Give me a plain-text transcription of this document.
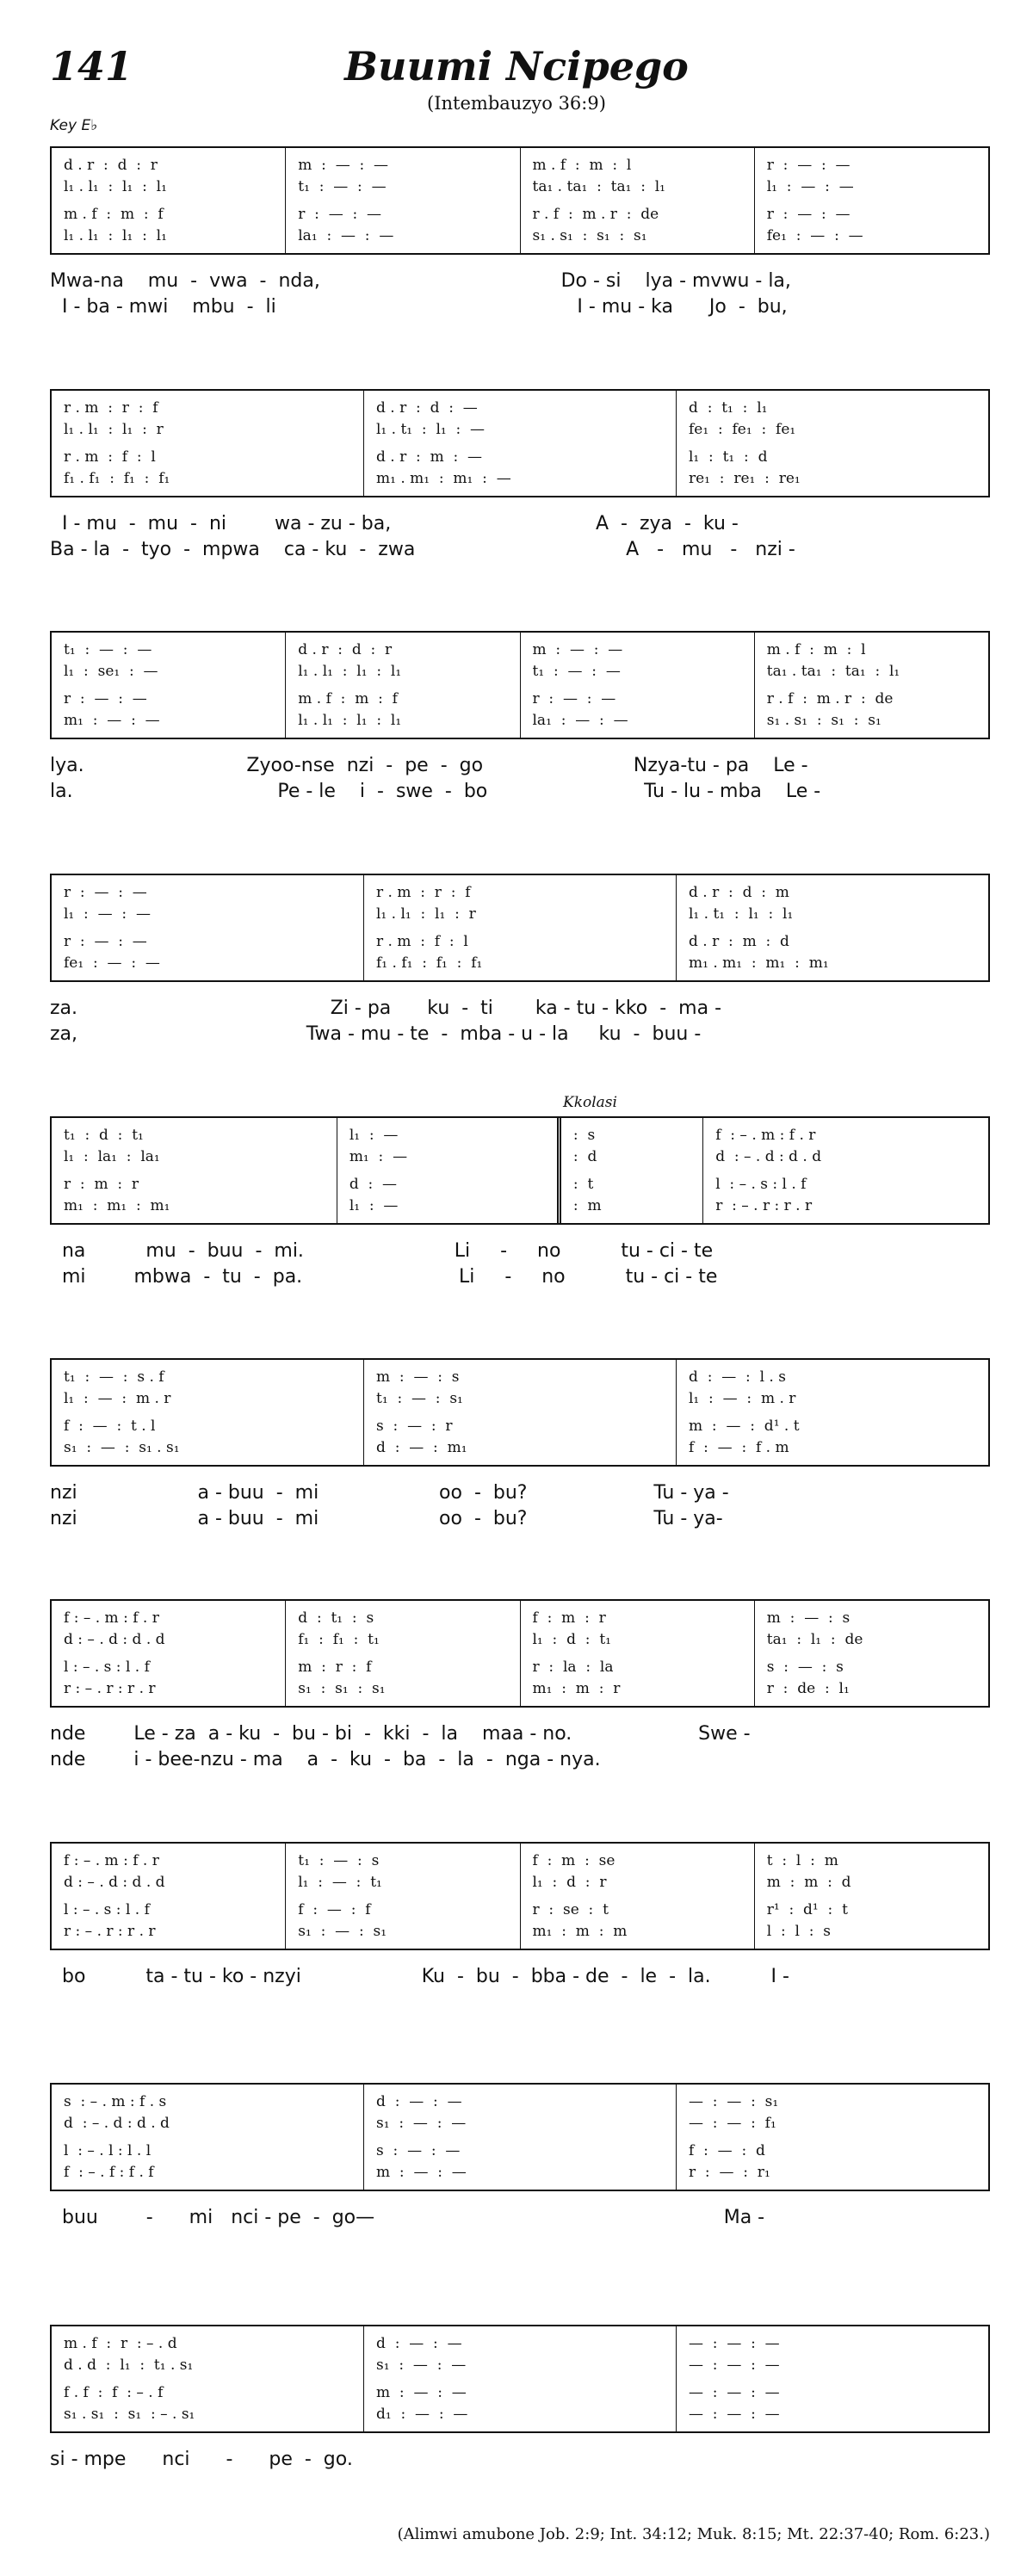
141	Buumi Ncipego
(Intembauzyo 36:9)
Key E♭
d . r  :  d  :  r
l₁ . l₁  :  l₁  :  l₁
m . f  :  m  :  f
l₁ . l₁  :  l₁  :  l₁
m  :  —  :  —
t₁  :  —  :  —
r  :  —  :  —
la₁  :  —  :  —
m . f  :  m  :  l
ta₁ . ta₁  :  ta₁  :  l₁
r . f  :  m . r  :  de
s₁ . s₁  :  s₁  :  s₁
r  :  —  :  —
l₁  :  —  :  —
r  :  —  :  —
fe₁  :  —  :  —
Mwa-na    mu  -  vwa  -  nda,                                        Do - si    lya - mvwu - la,
I - ba - mwi    mbu  -  li                                                  I - mu - ka      Jo  -  bu,
r . m  :  r  :  f
l₁ . l₁  :  l₁  :  r
r . m  :  f  :  l
f₁ . f₁  :  f₁  :  f₁
d . r  :  d  :  —
l₁ . t₁  :  l₁  :  —
d . r  :  m  :  —
m₁ . m₁  :  m₁  :  —
d  :  t₁  :  l₁
fe₁  :  fe₁  :  fe₁
l₁  :  t₁  :  d
re₁  :  re₁  :  re₁
I - mu  -  mu  -  ni        wa - zu - ba,                                  A  -  zya  -  ku -
Ba - la  -  tyo  -  mpwa    ca - ku  -  zwa                                   A   -   mu   -   nzi -
t₁  :  —  :  —
l₁  :  se₁  :  —
r  :  —  :  —
m₁  :  —  :  —
d . r  :  d  :  r
l₁ . l₁  :  l₁  :  l₁
m . f  :  m  :  f
l₁ . l₁  :  l₁  :  l₁
m  :  —  :  —
t₁  :  —  :  —
r  :  —  :  —
la₁  :  —  :  —
m . f  :  m  :  l
ta₁ . ta₁  :  ta₁  :  l₁
r . f  :  m . r  :  de
s₁ . s₁  :  s₁  :  s₁
lya.                           Zyoo-nse  nzi  -  pe  -  go                         Nzya-tu - pa    Le -
la.                                  Pe - le    i  -  swe  -  bo                          Tu - lu - mba    Le -
r  :  —  :  —
l₁  :  —  :  —
r  :  —  :  —
fe₁  :  —  :  —
r . m  :  r  :  f
l₁ . l₁  :  l₁  :  r
r . m  :  f  :  l
f₁ . f₁  :  f₁  :  f₁
d . r  :  d  :  m
l₁ . t₁  :  l₁  :  l₁
d . r  :  m  :  d
m₁ . m₁  :  m₁  :  m₁
za.                                          Zi - pa      ku  -  ti       ka - tu - kko  -  ma -
za,                                      Twa - mu - te  -  mba - u - la     ku  -  buu -
Kkolasi
t₁  :  d  :  t₁
l₁  :  la₁  :  la₁
r  :  m  :  r
m₁  :  m₁  :  m₁
l₁  :  —
m₁  :  —
d  :  —
l₁  :  —
:  s
:  d
:  t
:  m
f  : – . m : f . r
d  : – . d : d . d
l  : – . s : l . f
r  : – . r : r . r
na          mu  -  buu  -  mi.                         Li     -     no          tu - ci - te
mi        mbwa  -  tu  -  pa.                          Li     -     no          tu - ci - te
t₁  :  —  :  s . f
l₁  :  —  :  m . r
f  :  —  :  t . l
s₁  :  —  :  s₁ . s₁
m  :  —  :  s
t₁  :  —  :  s₁
s  :  —  :  r
d  :  —  :  m₁
d  :  —  :  l . s
l₁  :  —  :  m . r
m  :  —  :  d¹ . t
f  :  —  :  f . m
nzi                    a - buu  -  mi                    oo  -  bu?                     Tu - ya -
nzi                    a - buu  -  mi                    oo  -  bu?                     Tu - ya-
f : – . m : f . r
d : – . d : d . d
l : – . s : l . f
r : – . r : r . r
d  :  t₁  :  s
f₁  :  f₁  :  t₁
m  :  r  :  f
s₁  :  s₁  :  s₁
f  :  m  :  r
l₁  :  d  :  t₁
r  :  la  :  la
m₁  :  m  :  r
m  :  —  :  s
ta₁  :  l₁  :  de
s  :  —  :  s
r  :  de  :  l₁
nde        Le - za  a - ku  -  bu - bi  -  kki  -  la    maa - no.                     Swe -
nde        i - bee-nzu - ma    a  -  ku  -  ba  -  la  -  nga - nya.
f : – . m : f . r
d : – . d : d . d
l : – . s : l . f
r : – . r : r . r
t₁  :  —  :  s
l₁  :  —  :  t₁
f  :  —  :  f
s₁  :  —  :  s₁
f  :  m  :  se
l₁  :  d  :  r
r  :  se  :  t
m₁  :  m  :  m
t  :  l  :  m
m  :  m  :  d
r¹  :  d¹  :  t
l  :  l  :  s
bo          ta - tu - ko - nzyi                    Ku  -  bu  -  bba - de  -  le  -  la.          I -
s  : – . m : f . s
d  : – . d : d . d
l  : – . l : l . l
f  : – . f : f . f
d  :  —  :  —
s₁  :  —  :  —
s  :  —  :  —
m  :  —  :  —
—  :  —  :  s₁
—  :  —  :  f₁
f  :  —  :  d
r  :  —  :  r₁
buu        -      mi   nci - pe  -  go—                                                          Ma -
m . f  :  r  : – . d
d . d  :  l₁  :  t₁ . s₁
f . f  :  f  : – . f
s₁ . s₁  :  s₁  : – . s₁
d  :  —  :  —
s₁  :  —  :  —
m  :  —  :  —
d₁  :  —  :  —
—  :  —  :  —
—  :  —  :  —
—  :  —  :  —
—  :  —  :  —
si - mpe      nci      -      pe  -  go.
(Alimwi amubone Job. 2:9; Int. 34:12; Muk. 8:15; Mt. 22:37-40; Rom. 6:23.)
